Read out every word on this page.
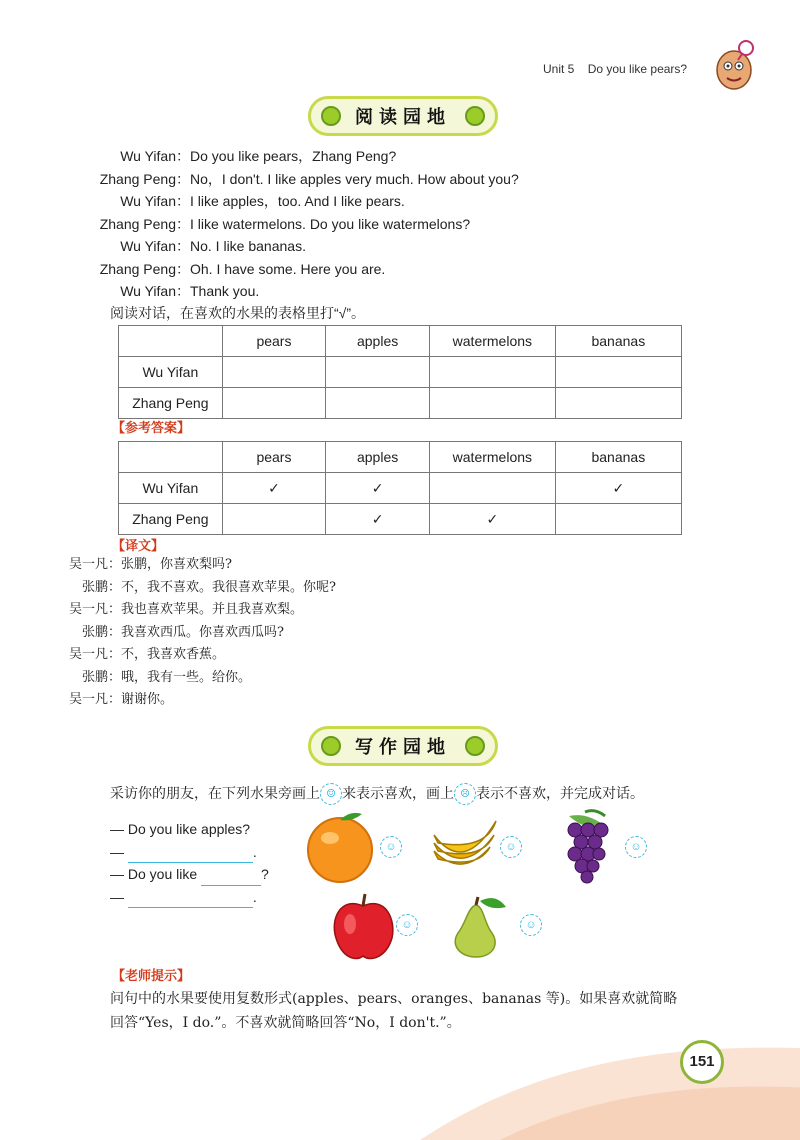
Unit 5 Do you like pears?
阅读园地
Wu Yifan ： Do you like pears，Zhang Peng?
Zhang Peng ： No，I don't. I like apples very much. How about you?
Wu Yifan ： I like apples，too. And I like pears.
Zhang Peng ： I like watermelons. Do you like watermelons?
Wu Yifan ： No. I like bananas.
Zhang Peng ： Oh. I have some. Here you are.
Wu Yifan ： Thank you.
阅读对话，在喜欢的水果的表格里打“√”。
	pears	apples	watermelons	bananas
Wu Yifan				
Zhang Peng				
【参考答案】
	pears	apples	watermelons	bananas
Wu Yifan	✓	✓		✓
Zhang Peng		✓	✓	
【译文】
吴一凡 ： 张鹏，你喜欢梨吗?
张鹏 ： 不，我不喜欢。我很喜欢苹果。你呢?
吴一凡 ： 我也喜欢苹果。并且我喜欢梨。
张鹏 ： 我喜欢西瓜。你喜欢西瓜吗?
吴一凡 ： 不，我喜欢香蕉。
张鹏 ： 哦，我有一些。给你。
吴一凡 ： 谢谢你。
写作园地
采访你的朋友，在下列水果旁画上 ☺ 来表示喜欢，画上 ☹ 表示不喜欢，并完成对话。
— Do you like apples?
—	.
— Do you like	?
—	.
☺	☺	☺
☺	☺
【老师提示】
问句中的水果要使用复数形式(apples、pears、oranges、bananas 等)。如果喜欢就简略
回答“Yes，I do.”。不喜欢就简略回答“No，I don't.”。
151
